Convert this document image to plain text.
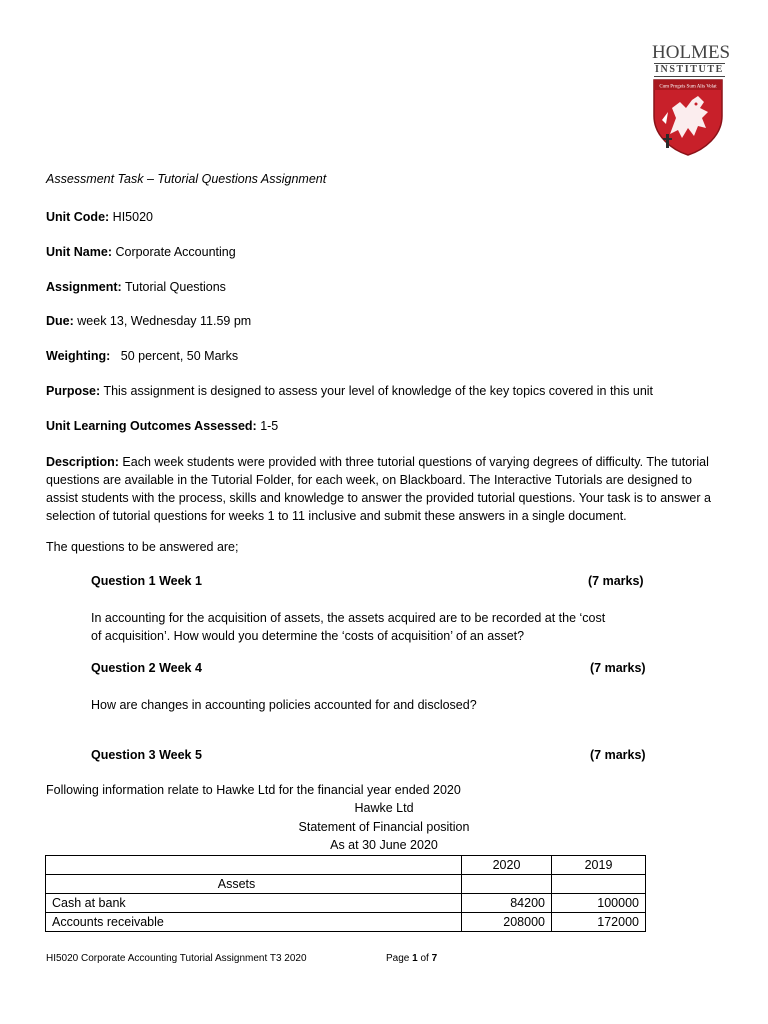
HOLMES
INSTITUTE
Cum Progeis Sum Alis Volat
Assessment Task – Tutorial Questions Assignment
Unit Code: HI5020
Unit Name: Corporate Accounting
Assignment: Tutorial Questions
Due: week 13, Wednesday 11.59 pm
Weighting: 50 percent, 50 Marks
Purpose: This assignment is designed to assess your level of knowledge of the key topics covered in this unit
Unit Learning Outcomes Assessed: 1-5
Description: Each week students were provided with three tutorial questions of varying degrees of difficulty. The tutorial questions are available in the Tutorial Folder, for each week, on Blackboard. The Interactive Tutorials are designed to assist students with the process, skills and knowledge to answer the provided tutorial questions. Your task is to answer a selection of tutorial questions for weeks 1 to 11 inclusive and submit these answers in a single document.
The questions to be answered are;
Question 1 Week 1	(7 marks)
In accounting for the acquisition of assets, the assets acquired are to be recorded at the ‘cost of acquisition’. How would you determine the ‘costs of acquisition’ of an asset?
Question 2 Week 4	(7 marks)
How are changes in accounting policies accounted for and disclosed?
Question 3 Week 5	(7 marks)
Following information relate to Hawke Ltd for the financial year ended 2020
Hawke Ltd
Statement of Financial position
As at 30 June 2020
	2020	2019
Assets		
Cash at bank	84200	100000
Accounts receivable	208000	172000
HI5020 Corporate Accounting Tutorial Assignment T3 2020	Page 1 of 7
